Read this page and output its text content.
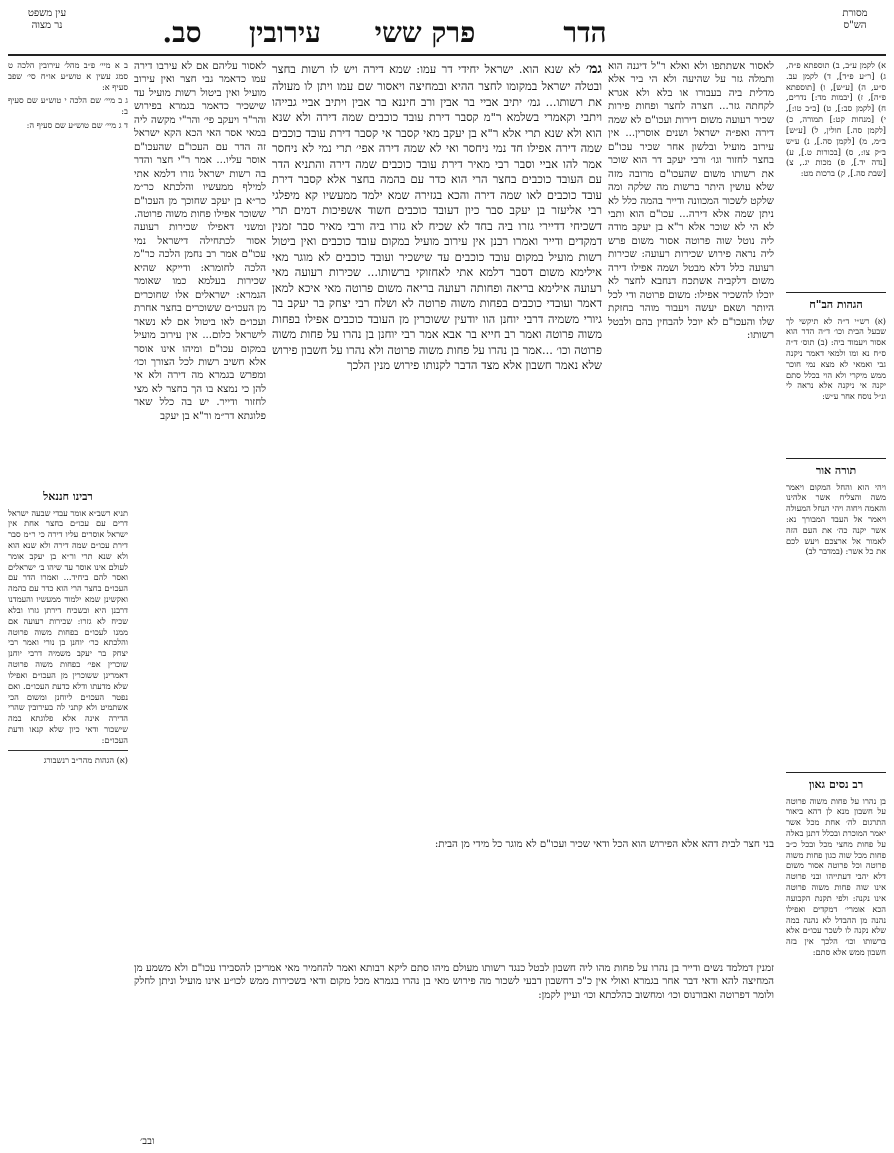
מסורת
הש"ס
הדר
פרק ששי
עירובין
סב.
עין משפט
נר מצוה
א) לקמן ע״ב, ב) תוספתא פ״ה, ג) [ר״ע פ״ד], ד) לקמן עב. ס״ע, ה) [ע״ש], ו) [תוספתא פ״ה], ז) [יבמות מד:] נדרים, ח) [לקמן סב:], ט) [ב״ב טו:], י) [מנחות קט:] תמורה, כ) [לקמן סה.] חולין, ל) [ע״ש] ב״מ, מ) [לקמן סה.], נ) ע״ש ב״ק צו:, ס) [בכורות ט.], ע) [נדה יד.], פ) מכות יג., צ) [שבת סה.], ק) ברכות מט:
הגהות הב"ח
(א) רש״י ד״ה לא תיקשי לך שבעל הבית וכו׳ ד״ה הדר הוא אסור ויעמוד ביה: (ב) תוס׳ ד״ה ס״ח נא ומו ולמאי דאמר ניקנה גבי ואמאי לא מצא נמי חוכר ממש מיקרי ולא הוי בכלל סתם יקנה אי ניקנה אלא נראה לי ונ״ל נוסח אחר ע״ש:
תורה אור
ויהי הוא והחל המקום ויאמר משה והצליח אשר אלהינו והאמה ויחוה ויהי הנחל המעולה ויאמר אל העבד המבורך נא: אשר יקנה כה׳ את העם הזה לאמור אל ארצכם ויעש לכם את כל אשר: (במדבר לב)
לאסור אשתתפו ולא ואלא ר"ל דיגנה הוא ותמלה גזר על שהיעה ולא הי ביר אלא מדלית ביה בעבורו או בלא ולא אגרא לקחתה גזר... חצרה לחצר ופחות פירות שכיר רעועה משום דירות ועכו"ם לא שמה דירה ואפ״ה ישראל ושנים אוסרין... אין עירוב מועיל ובלשון אחר שכיר עכו"ם בחצר לחזור וגו׳ ורבי יעקב דר הוא שוכר את רשותו משום שהעכו"ם מרובה מזה שלא עושין היתר ברשות מה שלקה ומה שלקט לשכור המכוונה ודייר בהמה כלל לא ניתן שמה אלא דירה... עכו"ם הוא ותבי לא הי לא שוכר אלא ר"א בן יעקב מודה ליה נוטל שוה פרוטה אסור משום פרש ליה נראה פירוש שכירות רעועה: שכירות רעועה כלל דלא מבטל ושמה אפילו דירה משום דלקביה אשתכח דנחבא לחצר לא יוכלו להשכיר אפילו: משום פרוטה ודי לכל היותר ושאם יעשה ויעבור מוהר בחזקת שלו והעכו"ם לא יוכל להבחין בהם ולבטל רשותו:
גמ׳ לא שנא הוא. ישראל יחידי דר עמו: שמא דירה ויש לו רשות בחצר ובטלה ישראל במקומו לחצר ההיא ובמחיצה ויאסור שם עמו ויתן לו מעולה את רשותו... גמ׳ יתיב אביי בר אבין ורב חיננא בר אבין ויתיב אביי גבייהו ויתבי וקאמרי בשלמא ר"מ קסבר דירת עובד כוכבים שמה דירה ולא שנא הוא ולא שנא תרי אלא ר"א בן יעקב מאי קסבר אי קסבר דירת עובד כוכבים שמה דירה אפילו חד נמי ניחסר ואי לא שמה דירה אפי׳ תרי נמי לא ניחסר אמר להו אביי וסבר רבי מאיר דירת עובד כוכבים שמה דירה והתניא הדר עם העובד כוכבים בחצר הרי הוא כדר עם בהמה בחצר אלא קסבר דירת עובד כוכבים לאו שמה דירה והכא בגזירה שמא ילמד ממעשיו קא מיפלגי רבי אליעזר בן יעקב סבר כיון דעובד כוכבים חשוד אשפיכות דמים תרי דשכיחי דדיירי גזרו ביה בחד לא שכיח לא גזרו ביה ורבי מאיר סבר זמנין דמקדים ודייר ואמרו רבנן אין עירוב מועיל במקום עובד כוכבים ואין ביטול רשות מועיל במקום עובד כוכבים עד שישכיר ועובד כוכבים לא מוגר מאי אילימא משום דסבר דלמא אתי לאחזוקי ברשותו... שכירות רעועה מאי רעועה אילימא בריאה ופחותה רעועה בריאה משום פרוטה מאי איכא למאן דאמר ועובדי כוכבים בפחות משוה פרוטה לא ושלח רבי יצחק בר יעקב בר גיורי משמיה דרבי יוחנן הוו יודעין ששוכרין מן העובד כוכבים אפילו בפחות משוה פרוטה ואמר רב חייא בר אבא אמר רבי יוחנן בן נהרו על פחות משוה פרוטה וכו׳ ...אמר בן נהרו על פחות משוה פרוטה ולא נהרו על חשבון פירוש שלא נאמר חשבון אלא מצד הדבר לקנותו פירוש מנין הלכך
לאסור עליהם אם לא עירבו דירה עמו כדאמר גבי חצר ואין עירוב מועיל ואין ביטול רשות מועיל עד שישכיר כדאמר בגמרא בפירוש והר"ר ויעקב פי׳ והר"י מקשה ליה במאי אסר האי הכא הקא ישראל זה הדר עם העכו"ם שהעכו"ם אוסר עליו... אמר ר"י חצר והדר בה רשות ישראל גזרו דלמא אתי למילף ממעשיו והלכתא כר״מ כר״א בן יעקב שחוכך מן העכו"ם ששוכר אפילו פחות משוה פרוטה. ומשני דאפילו שכירות רעועה אסור לכתחילה דישראל נמי עכו"ם אמר רב נחמן הלכה כר"מ הלכה לחומרא: ודייקא שהיא שכירות בעלמא כמו שאומר הגמרא: ישראלים אלו שחוכרים מן העכו״ם ששוכרים בחצר אחרת ועכו״ם לאו ביטול אם לא נשאר לישראל כלום... אין עירוב מועיל במקום עכו"ם ומיהו אינו אוסר אלא חשיב רשות לכל הצורך וכו׳ ומפרש בגמרא מה דירה ולא אי להן כי נמצא בו הך בחצר לא מצי לחזור ודייר. יש בה כלל שאר פלוגתא דר״מ ור"א בן יעקב
ב א מיי׳ פ״ב מהל׳ עירובין הלכה ט סמג עשין א טוש״ע או״ח סי׳ שפב סעיף א:
ג ב מיי׳ שם הלכה י טוש״ע שם סעיף ב:
ד ג מיי׳ שם טוש״ע שם סעיף ה:
רבינו חננאל
תניא רשב״א אומר עבדי שבעה ישראל דרים עם עכו״ם בחצר אחת אין ישראל אוסרים עליו דירה כי ר״מ סבר דירת עכו״ם שמה דירה ולא שנא הוא ולא שנא תרי ור״א בן יעקב אומר לעולם אינו אוסר עד שיהו ב׳ ישראלים ואסר להם ביחיד... ואמרו הדר עם העכו״ם בחצר הרי הוא כדר עם בהמה ואקשינן שמא ילמוד ממעשיו והעמדנו דרבנן היא ובשכיח דירתן גזרו ובלא שכיח לא גזרו: שכירות רעועה אם ממנו לעכו״ם בפחות משוה פרוטה והלכתא כר׳ יוחנן בן נורי ואמר רבי יצחק בר יעקב משמיה דרבי יוחנן שוכרין אפי׳ בפחות משוה פרוטה דאמרינן ששוכרין מן העכו״ם ואפילו שלא מדעתו ודלא כדעת העכו״ם. ואם נפטר העכו״ם ליוחנן ומשום הכי אשתמיט ולא קתני לה בעירובין שהרי הדירה אינה אלא פלוגתא במה שישכור ודאי כיון שלא קנאו ודעת העכו״ם:
(א) הגהות מהר״ב רנשבורג
רב נסים גאון
בן נהרו על פחות משוה פרוטה על חשבון מנא לן דהא ביאור התרגום לה׳ אחת מכל אשר יאמר המוכרת ובכלל דתנן באלה על פחות מחצי מכל ובכל כ״ב פחות מכל שוה כגון פחות משוה פרוטה וכל פרוטה אסור משום דלא יהבי דעתייהו ובני פרוטה אינו שוה פחות משוה פרוטה אינו נקנה: ולפי תקנת הקבועה הכא אומרי׳ דמקדים ואפילו נהנה מן ההבדל לא נהנה במה שלא נקנה לו לשכר עכו״ם אלא ברשותו וכו׳ הלכך אין בזה חשבון ממש אלא סתם:
בני חצר לבית דהא אלא הפירוש הוא הכל ודאי שכיר ועכו"ם לא מוגר כל מידי מן הבית:
זמנין דמלמד נשים ודייר בן נהרו על פחות מהו ליה חשבון לבטל כנגד רשותו מעולם מיהו סתם ליקא רבותא ואמר להחמיר מאי אמריכן להסבירו עכו"ם ולא משמע מן המחיצה להא ודאי דבר אחר בגמרא ואולי אין כ"כ דחשבון דבעי לשכור מה פירוש מאי בן נהרו בגמרא מכל מקום ודאי בשכירות ממש לכו״ע אינו מועיל וניתן לחלק ולומר דפרוטה ואבורנוס וכו׳ ומחשוב כהלכתא וכו׳ ועיין לקמן:
ובב׳
